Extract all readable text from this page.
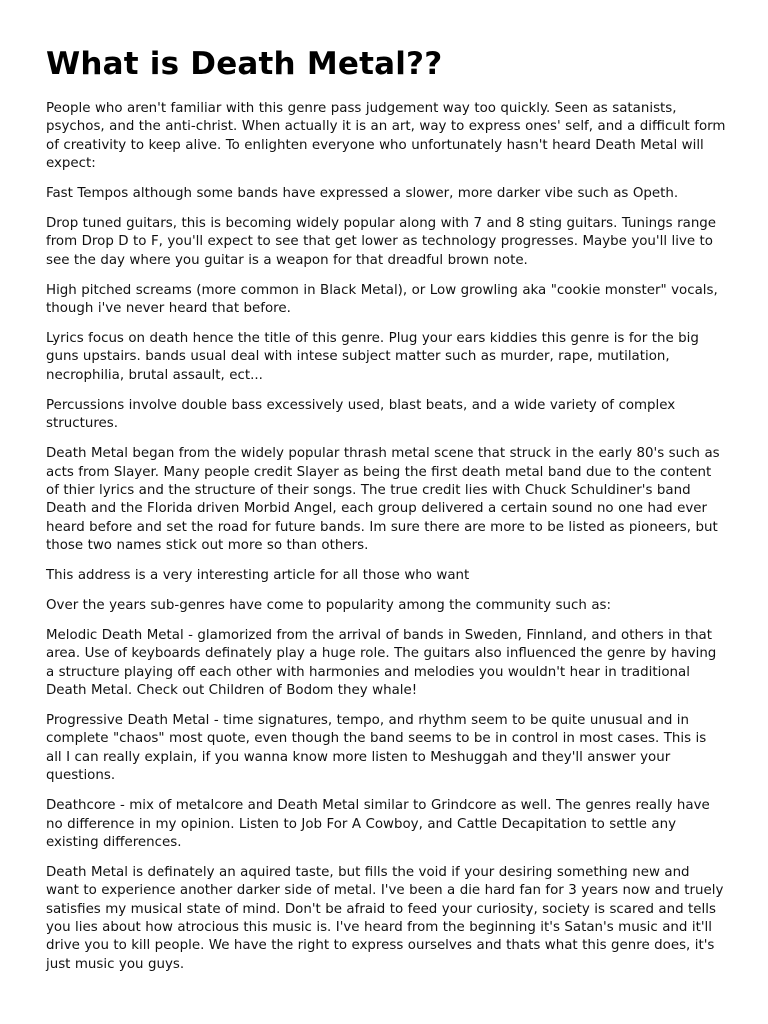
What is Death Metal??

People who aren't familiar with this genre pass judgement way too quickly. Seen as satanists, psychos, and the anti-christ. When actually it is an art, way to express ones' self, and a difficult form of creativity to keep alive. To enlighten everyone who unfortunately hasn't heard Death Metal will expect:

Fast Tempos although some bands have expressed a slower, more darker vibe such as Opeth.

Drop tuned guitars, this is becoming widely popular along with 7 and 8 sting guitars. Tunings range from Drop D to F, you'll expect to see that get lower as technology progresses. Maybe you'll live to see the day where you guitar is a weapon for that dreadful brown note.

High pitched screams (more common in Black Metal), or Low growling aka "cookie monster" vocals, though i've never heard that before.

Lyrics focus on death hence the title of this genre. Plug your ears kiddies this genre is for the big guns upstairs. bands usual deal with intese subject matter such as murder, rape, mutilation, necrophilia, brutal assault, ect...

Percussions involve double bass excessively used, blast beats, and a wide variety of complex structures.

Death Metal began from the widely popular thrash metal scene that struck in the early 80's such as acts from Slayer. Many people credit Slayer as being the first death metal band due to the content of thier lyrics and the structure of their songs. The true credit lies with Chuck Schuldiner's band Death and the Florida driven Morbid Angel, each group delivered a certain sound no one had ever heard before and set the road for future bands. Im sure there are more to be listed as pioneers, but those two names stick out more so than others.

This address is a very interesting article for all those who want

Over the years sub-genres have come to popularity among the community such as:

Melodic Death Metal - glamorized from the arrival of bands in Sweden, Finnland, and others in that area. Use of keyboards definately play a huge role. The guitars also influenced the genre by having a structure playing off each other with harmonies and melodies you wouldn't hear in traditional Death Metal. Check out Children of Bodom they whale!

Progressive Death Metal - time signatures, tempo, and rhythm seem to be quite unusual and in complete "chaos" most quote, even though the band seems to be in control in most cases. This is all I can really explain, if you wanna know more listen to Meshuggah and they'll answer your questions.

Deathcore - mix of metalcore and Death Metal similar to Grindcore as well. The genres really have no difference in my opinion. Listen to Job For A Cowboy, and Cattle Decapitation to settle any existing differences.

Death Metal is definately an aquired taste, but fills the void if your desiring something new and want to experience another darker side of metal. I've been a die hard fan for 3 years now and truely satisfies my musical state of mind. Don't be afraid to feed your curiosity, society is scared and tells you lies about how atrocious this music is. I've heard from the beginning it's Satan's music and it'll drive you to kill people. We have the right to express ourselves and thats what this genre does, it's just music you guys.
